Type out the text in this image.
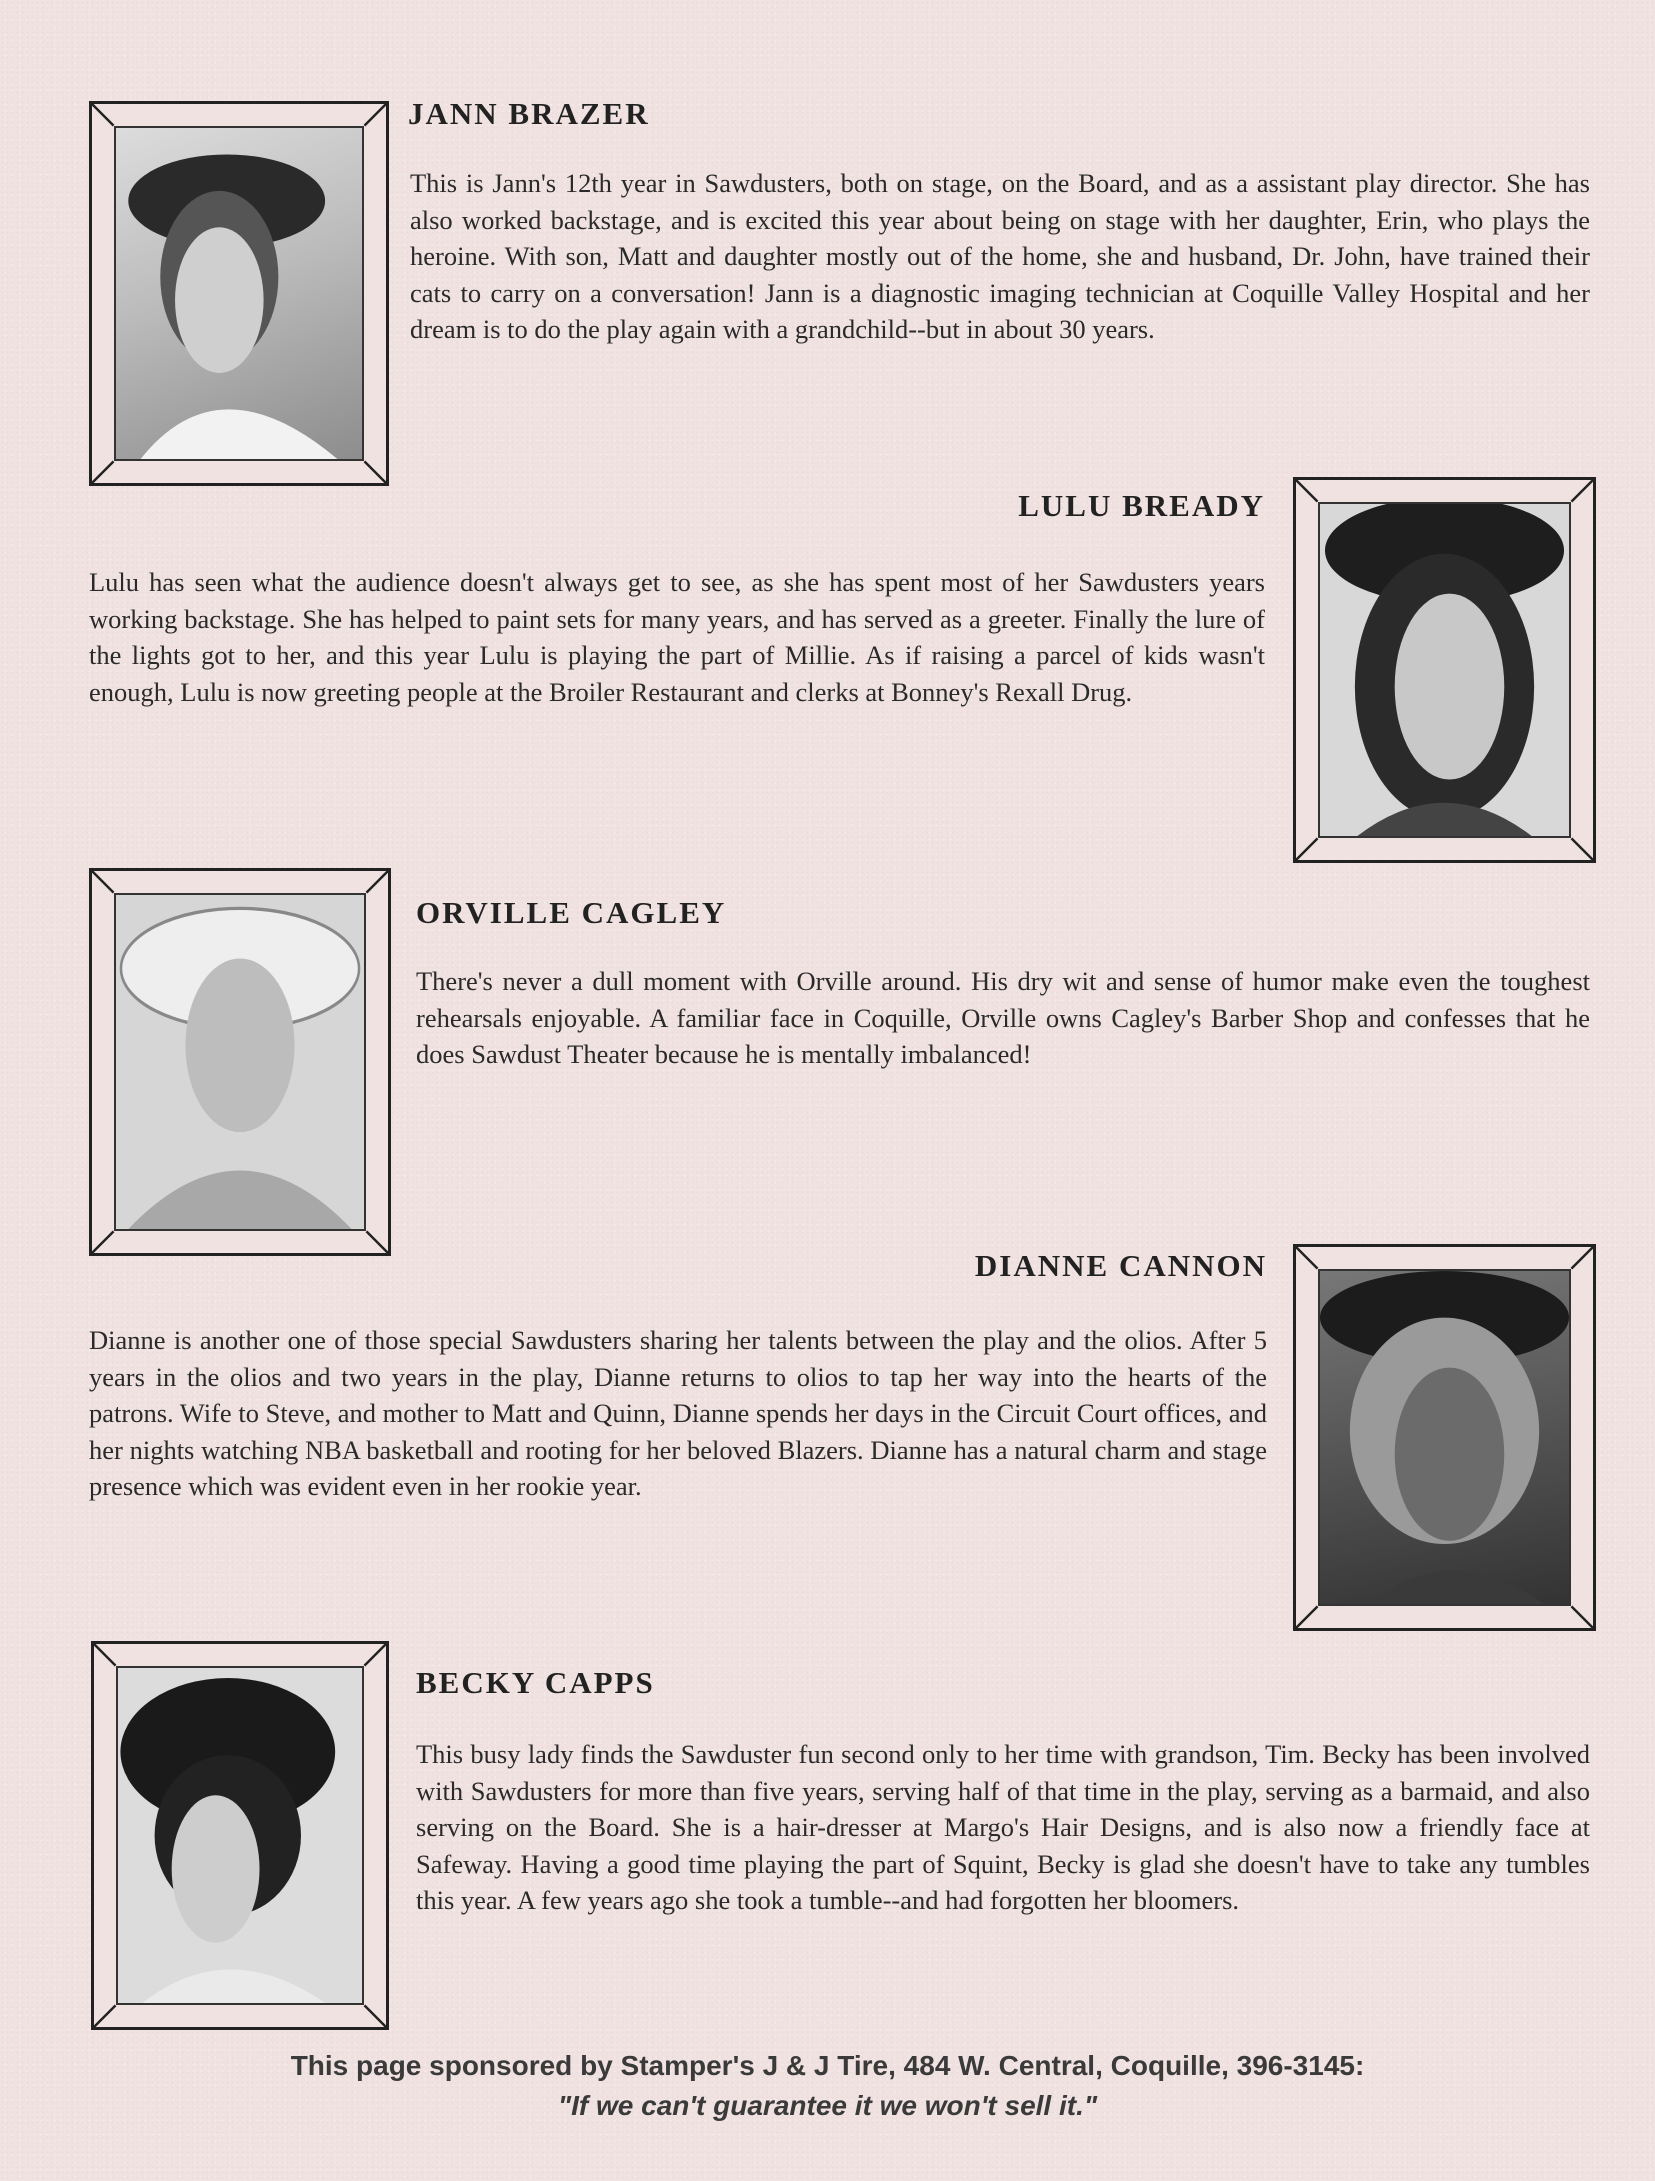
JANN BRAZER
This is Jann's 12th year in Sawdusters, both on stage, on the Board, and as a assistant play director. She has also worked backstage, and is excited this year about being on stage with her daughter, Erin, who plays the heroine. With son, Matt and daughter mostly out of the home, she and husband, Dr. John, have trained their cats to carry on a conversation! Jann is a diagnostic imaging technician at Coquille Valley Hospital and her dream is to do the play again with a grandchild--but in about 30 years.
LULU BREADY
Lulu has seen what the audience doesn't always get to see, as she has spent most of her Sawdusters years working backstage. She has helped to paint sets for many years, and has served as a greeter. Finally the lure of the lights got to her, and this year Lulu is playing the part of Millie. As if raising a parcel of kids wasn't enough, Lulu is now greeting people at the Broiler Restaurant and clerks at Bonney's Rexall Drug.
ORVILLE CAGLEY
There's never a dull moment with Orville around. His dry wit and sense of humor make even the toughest rehearsals enjoyable. A familiar face in Coquille, Orville owns Cagley's Barber Shop and confesses that he does Sawdust Theater because he is mentally imbalanced!
DIANNE CANNON
Dianne is another one of those special Sawdusters sharing her talents between the play and the olios. After 5 years in the olios and two years in the play, Dianne returns to olios to tap her way into the hearts of the patrons. Wife to Steve, and mother to Matt and Quinn, Dianne spends her days in the Circuit Court offices, and her nights watching NBA basketball and rooting for her beloved Blazers. Dianne has a natural charm and stage presence which was evident even in her rookie year.
BECKY CAPPS
This busy lady finds the Sawduster fun second only to her time with grandson, Tim. Becky has been involved with Sawdusters for more than five years, serving half of that time in the play, serving as a barmaid, and also serving on the Board. She is a hair-dresser at Margo's Hair Designs, and is also now a friendly face at Safeway. Having a good time playing the part of Squint, Becky is glad she doesn't have to take any tumbles this year. A few years ago she took a tumble--and had forgotten her bloomers.
This page sponsored by Stamper's J & J Tire, 484 W. Central, Coquille, 396-3145:
"If we can't guarantee it we won't sell it."
